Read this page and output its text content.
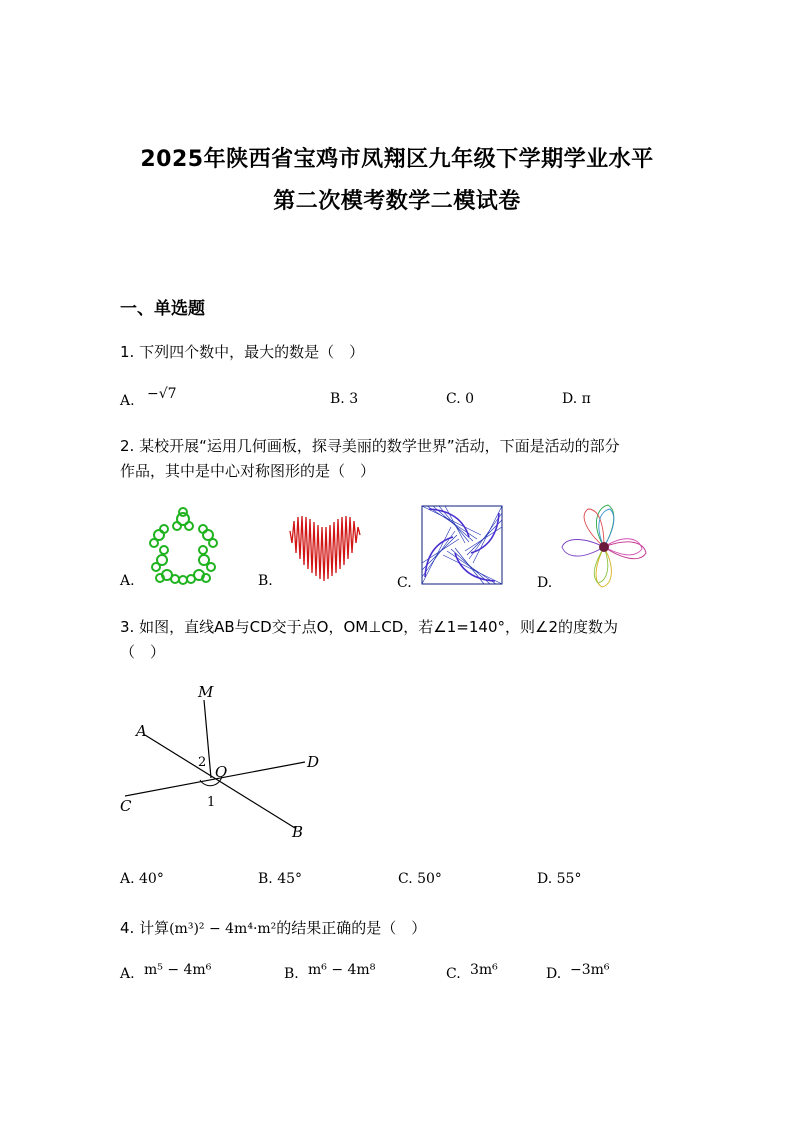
2025年陕西省宝鸡市凤翔区九年级下学期学业水平
第二次模考数学二模试卷
一、单选题
1. 下列四个数中，最大的数是（　）
A. −√7	B. 3	C. 0	D. π
2. 某校开展“运用几何画板，探寻美丽的数学世界”活动，下面是活动的部分
作品，其中是中心对称图形的是（　）
A.	B.	C.	D.
3. 如图，直线AB与CD交于点O，OM⊥CD，若∠1=140°，则∠2的度数为
（　）
M
A
D
O
C
B
1
2
A. 40°	B. 45°	C. 50°	D. 55°
4. 计算(m³)² − 4m⁴·m²的结果正确的是（　）
A. m⁵ − 4m⁶	B. m⁶ − 4m⁸	C. 3m⁶	D. −3m⁶
